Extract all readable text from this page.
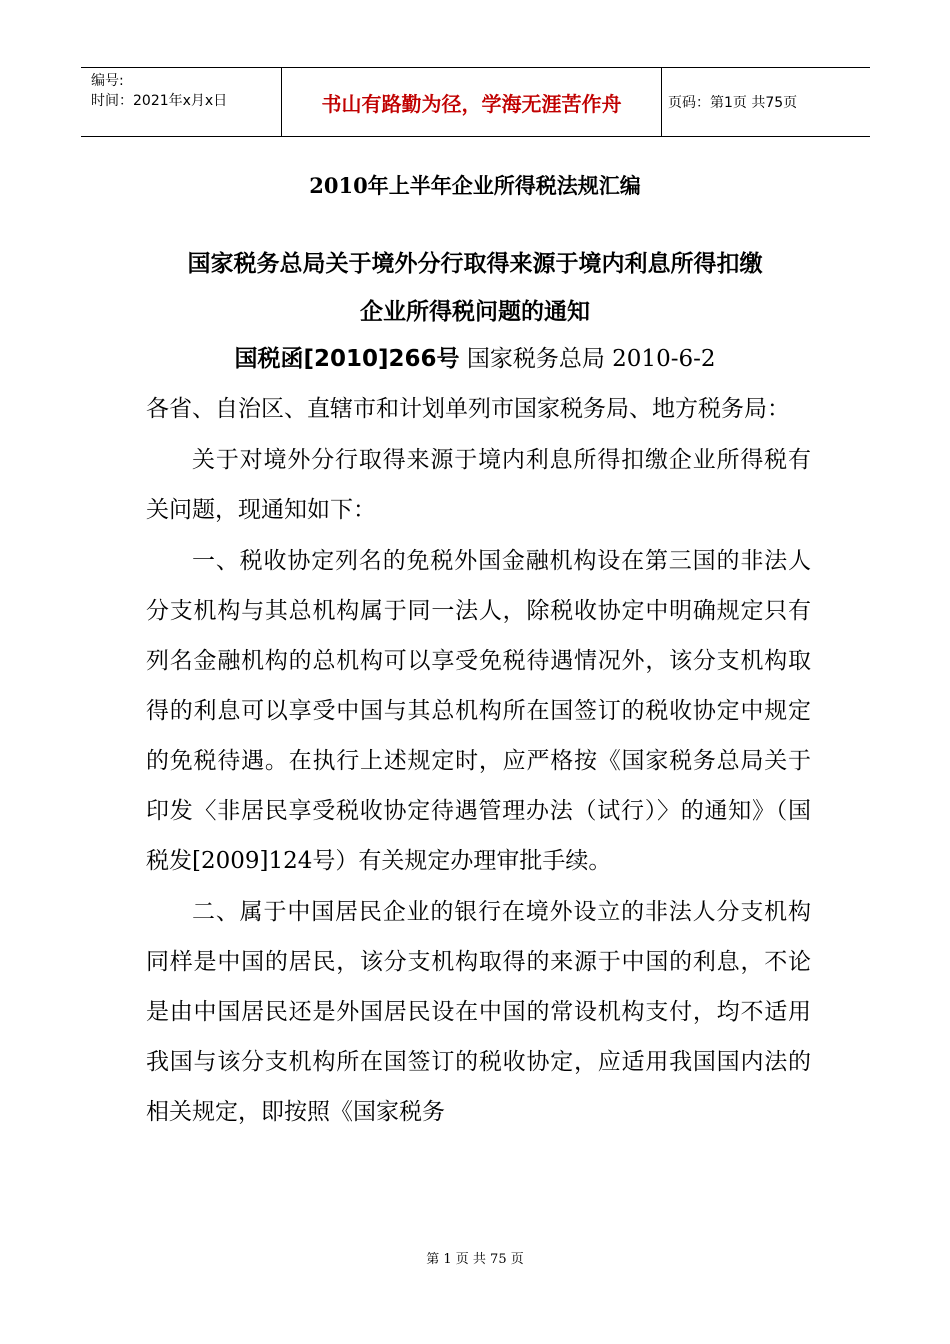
编号:
时间：2021年x月x日	书山有路勤为径，学海无涯苦作舟	页码：第1页 共75页
2010年上半年企业所得税法规汇编
国家税务总局关于境外分行取得来源于境内利息所得扣缴
企业所得税问题的通知
国税函[2010]266号 国家税务总局 2010-6-2

各省、自治区、直辖市和计划单列市国家税务局、地方税务局：

关于对境外分行取得来源于境内利息所得扣缴企业所得税有关问题，现通知如下：

一、税收协定列名的免税外国金融机构设在第三国的非法人分支机构与其总机构属于同一法人，除税收协定中明确规定只有列名金融机构的总机构可以享受免税待遇情况外，该分支机构取得的利息可以享受中国与其总机构所在国签订的税收协定中规定的免税待遇。在执行上述规定时，应严格按《国家税务总局关于印发〈非居民享受税收协定待遇管理办法（试行）〉的通知》（国税发[2009]124号）有关规定办理审批手续。

二、属于中国居民企业的银行在境外设立的非法人分支机构同样是中国的居民，该分支机构取得的来源于中国的利息，不论是由中国居民还是外国居民设在中国的常设机构支付，均不适用我国与该分支机构所在国签订的税收协定，应适用我国国内法的相关规定，即按照《国家税务

第 1 页 共 75 页
